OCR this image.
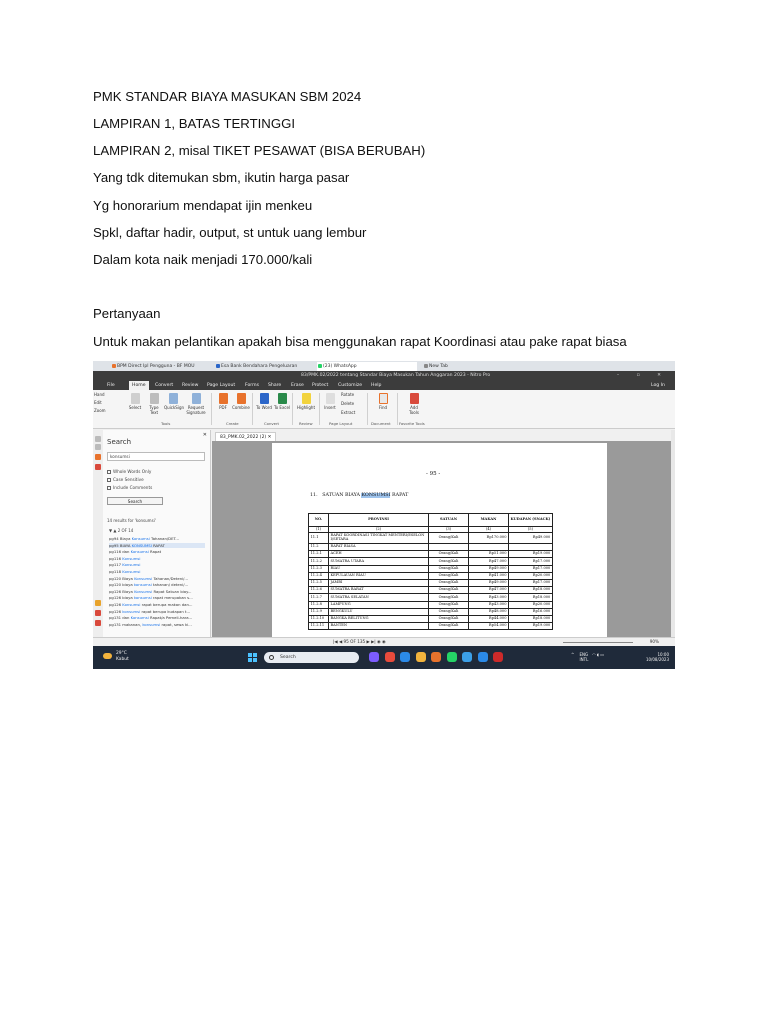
PMK STANDAR BIAYA MASUKAN SBM 2024
LAMPIRAN 1, BATAS TERTINGGI
LAMPIRAN 2, misal TIKET PESAWAT (BISA BERUBAH)
Yang tdk ditemukan sbm, ikutin harga pasar
Yg honorarium mendapat ijin menkeu
Spkl, daftar hadir, output, st untuk uang lembur
Dalam kota naik menjadi 170.000/kali
Pertanyaan
Untuk makan pelantikan apakah bisa menggunakan rapat Koordinasi atau pake rapat biasa
BPM Direct Ipl Pengguna - BF MOU	Esa Bank Bendahara Pengeluaran	(23) WhatsApp	New Tab
83/PMK.02/2022 tentang Standar Biaya Masukan Tahun Anggaran 2023 - Nitro Pro	– ▫ ✕
File	Home	Convert Review Page Layout Forms Share Erase Protect Customize Help	Log In
Hand
Edit
Zoom
Select	Type Text
QuickSign Request Signature
PDF	Combine To Word To Excel	Highlight	Insert
Rotate
Delete
Extract
Find	Add Tools
Tools	Create	Convert	Review	Page Layout	Document Favorite Tools
Search
✕
konsumsi
Whole Words Only
Case Sensitive
Include Comments
Search
14 results for 'konsumsi'
▼ ▲ 2 OF 14
pg94 Biaya Konsumsi Tahanan/DET...
pg95 BIAYA KONSUMSI RAPAT
pg116 dan Konsumsi Rapat
pg116 Konsumsi
pg117 Konsumsi
pg118 Konsumsi
pg120 Biaya Konsumsi Tahanan/Deteni/...
pg120 biaya konsumsi tahanan/ deteni/...
pg126 Biaya Konsumsi Rapat Satuan biay...
pg126 biaya konsumsi rapat merupakan s...
pg126 Konsumsi rapat berupa makan dan...
pg126 konsumsi rapat berupa kudapan t...
pg131 dan Konsumsi Rapat/a Pemeli-hara...
pg131 makanan, konsumsi rapat, sewa ki...
83_PMK.02_2022 (2) ✕
- 95 -
11. SATUAN BIAYA KONSUMSI RAPAT
NO.	PROVINSI	SATUAN	MAKAN	KUDAPAN (SNACK)
(1)	(2)	(3)	(4)	(5)
11.1	RAPAT KOORDINASI TINGKAT MENTERI/ESELON I/SETARA	Orang/Kali	Rp170.000	Rp49.000
11.2	RAPAT BIASA			
11.2.1	ACEH	Orang/Kali	Rp51.000	Rp19.000
11.2.2	SUMATRA UTARA	Orang/Kali	Rp47.000	Rp17.000
11.2.3	RIAU	Orang/Kali	Rp49.000	Rp17.000
11.2.4	KEPULAUAN RIAU	Orang/Kali	Rp41.000	Rp20.000
11.2.5	JAMBI	Orang/Kali	Rp49.000	Rp17.000
11.2.6	SUMATRA BARAT	Orang/Kali	Rp47.000	Rp18.000
11.2.7	SUMATRA SELATAN	Orang/Kali	Rp43.000	Rp18.000
11.2.8	LAMPUNG	Orang/Kali	Rp43.000	Rp20.000
11.2.9	BENGKULU	Orang/Kali	Rp48.000	Rp16.000
11.2.10	BANGKA BELITUNG	Orang/Kali	Rp44.000	Rp18.000
11.2.11	BANTEN	Orang/Kali	Rp54.000	Rp19.000
|◀ ◀ 95 OF 135 ▶ ▶| ◉ ◉	90%
29°C
Kabut	Search
^ ENG
INTL   ◠ ◖ ▭	10:00
10/08/2023
